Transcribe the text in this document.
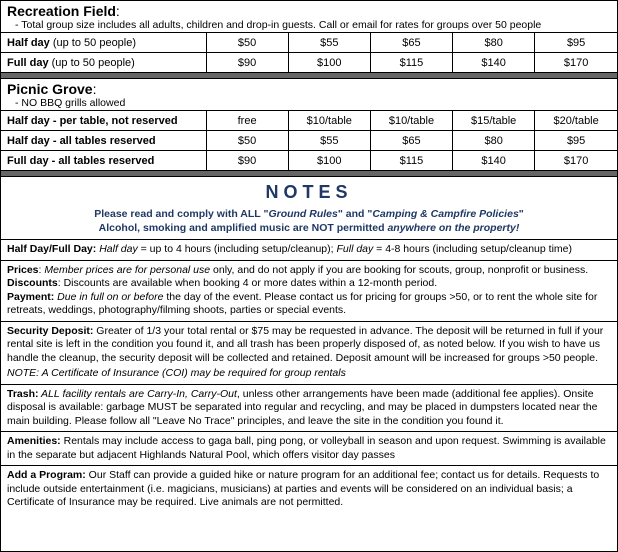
Recreation Field:
- Total group size includes all adults, children and drop-in guests. Call or email for rates for groups over 50 people
Half day (up to 50 people)	$50	$55	$65	$80	$95
Full day (up to 50 people)	$90	$100	$115	$140	$170
Picnic Grove:
- NO BBQ grills allowed
Half day - per table, not reserved	free	$10/table	$10/table	$15/table	$20/table
Half day - all tables reserved	$50	$55	$65	$80	$95
Full day - all tables reserved	$90	$100	$115	$140	$170
NOTES
Please read and comply with ALL "Ground Rules" and "Camping & Campfire Policies"
Alcohol, smoking and amplified music are NOT permitted anywhere on the property!

Half Day/Full Day: Half day = up to 4 hours (including setup/cleanup); Full day = 4-8 hours (including setup/cleanup time)

Prices: Member prices are for personal use only, and do not apply if you are booking for scouts, group, nonprofit or business.

Discounts: Discounts are available when booking 4 or more dates within a 12-month period.

Payment: Due in full on or before the day of the event. Please contact us for pricing for groups >50, or to rent the whole site for retreats, weddings, photography/filming shoots, parties or special events.

Security Deposit: Greater of 1/3 your total rental or $75 may be requested in advance. The deposit will be returned in full if your rental site is left in the condition you found it, and all trash has been properly disposed of, as noted below. If you wish to have us handle the cleanup, the security deposit will be collected and retained. Deposit amount will be increased for groups >50 people.

NOTE: A Certificate of Insurance (COI) may be required for group rentals

Trash: ALL facility rentals are Carry-In, Carry-Out, unless other arrangements have been made (additional fee applies). Onsite disposal is available: garbage MUST be separated into regular and recycling, and may be placed in dumpsters located near the main building. Please follow all "Leave No Trace" principles, and leave the site in the condition you found it.

Amenities: Rentals may include access to gaga ball, ping pong, or volleyball in season and upon request. Swimming is available in the separate but adjacent Highlands Natural Pool, which offers visitor day passes

Add a Program: Our Staff can provide a guided hike or nature program for an additional fee; contact us for details. Requests to include outside entertainment (i.e. magicians, musicians) at parties and events will be considered on an individual basis; a Certificate of Insurance may be required. Live animals are not permitted.
